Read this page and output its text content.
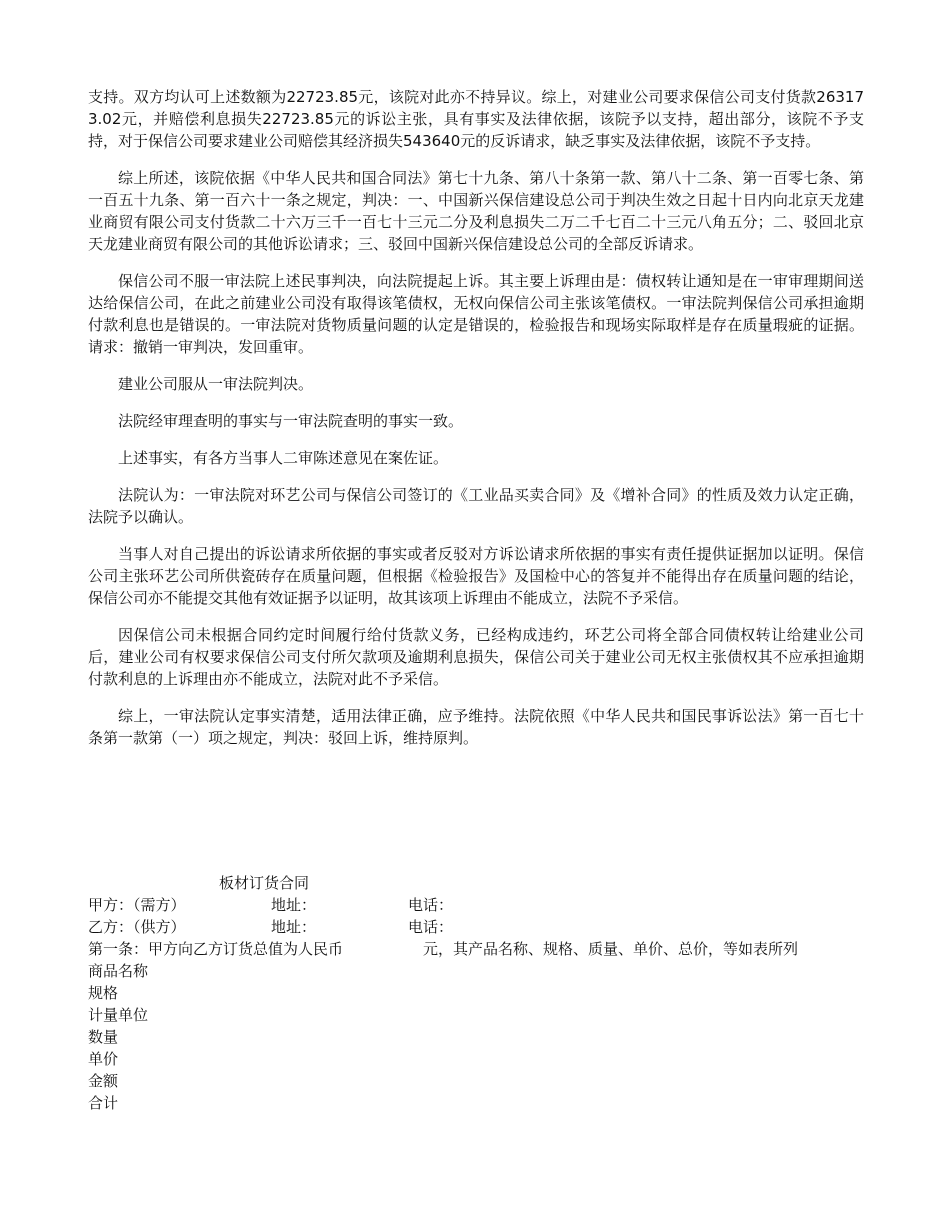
支持。双方均认可上述数额为22723.85元，该院对此亦不持异议。综上，对建业公司要求保信公司支付货款263173.02元，并赔偿利息损失22723.85元的诉讼主张，具有事实及法律依据，该院予以支持，超出部分，该院不予支持，对于保信公司要求建业公司赔偿其经济损失543640元的反诉请求，缺乏事实及法律依据，该院不予支持。

综上所述，该院依据《中华人民共和国合同法》第七十九条、第八十条第一款、第八十二条、第一百零七条、第一百五十九条、第一百六十一条之规定，判决：一、中国新兴保信建设总公司于判决生效之日起十日内向北京天龙建业商贸有限公司支付货款二十六万三千一百七十三元二分及利息损失二万二千七百二十三元八角五分；二、驳回北京天龙建业商贸有限公司的其他诉讼请求；三、驳回中国新兴保信建设总公司的全部反诉请求。

保信公司不服一审法院上述民事判决，向法院提起上诉。其主要上诉理由是：债权转让通知是在一审审理期间送达给保信公司，在此之前建业公司没有取得该笔债权，无权向保信公司主张该笔债权。一审法院判保信公司承担逾期付款利息也是错误的。一审法院对货物质量问题的认定是错误的，检验报告和现场实际取样是存在质量瑕疵的证据。请求：撤销一审判决，发回重审。

建业公司服从一审法院判决。

法院经审理查明的事实与一审法院查明的事实一致。

上述事实，有各方当事人二审陈述意见在案佐证。

法院认为：一审法院对环艺公司与保信公司签订的《工业品买卖合同》及《增补合同》的性质及效力认定正确，法院予以确认。

当事人对自己提出的诉讼请求所依据的事实或者反驳对方诉讼请求所依据的事实有责任提供证据加以证明。保信公司主张环艺公司所供瓷砖存在质量问题，但根据《检验报告》及国检中心的答复并不能得出存在质量问题的结论，保信公司亦不能提交其他有效证据予以证明，故其该项上诉理由不能成立，法院不予采信。

因保信公司未根据合同约定时间履行给付货款义务，已经构成违约，环艺公司将全部合同债权转让给建业公司后，建业公司有权要求保信公司支付所欠款项及逾期利息损失，保信公司关于建业公司无权主张债权其不应承担逾期付款利息的上诉理由亦不能成立，法院对此不予采信。

综上，一审法院认定事实清楚，适用法律正确，应予维持。法院依照《中华人民共和国民事诉讼法》第一百七十条第一款第（一）项之规定，判决：驳回上诉，维持原判。

板材订货合同
甲方：（需方）	地址：	电话：
乙方：（供方）	地址：	电话：
第一条：甲方向乙方订货总值为人民币	元，其产品名称、规格、质量、单价、总价，等如表所列
商品名称
规格
计量单位
数量
单价
金额
合计
